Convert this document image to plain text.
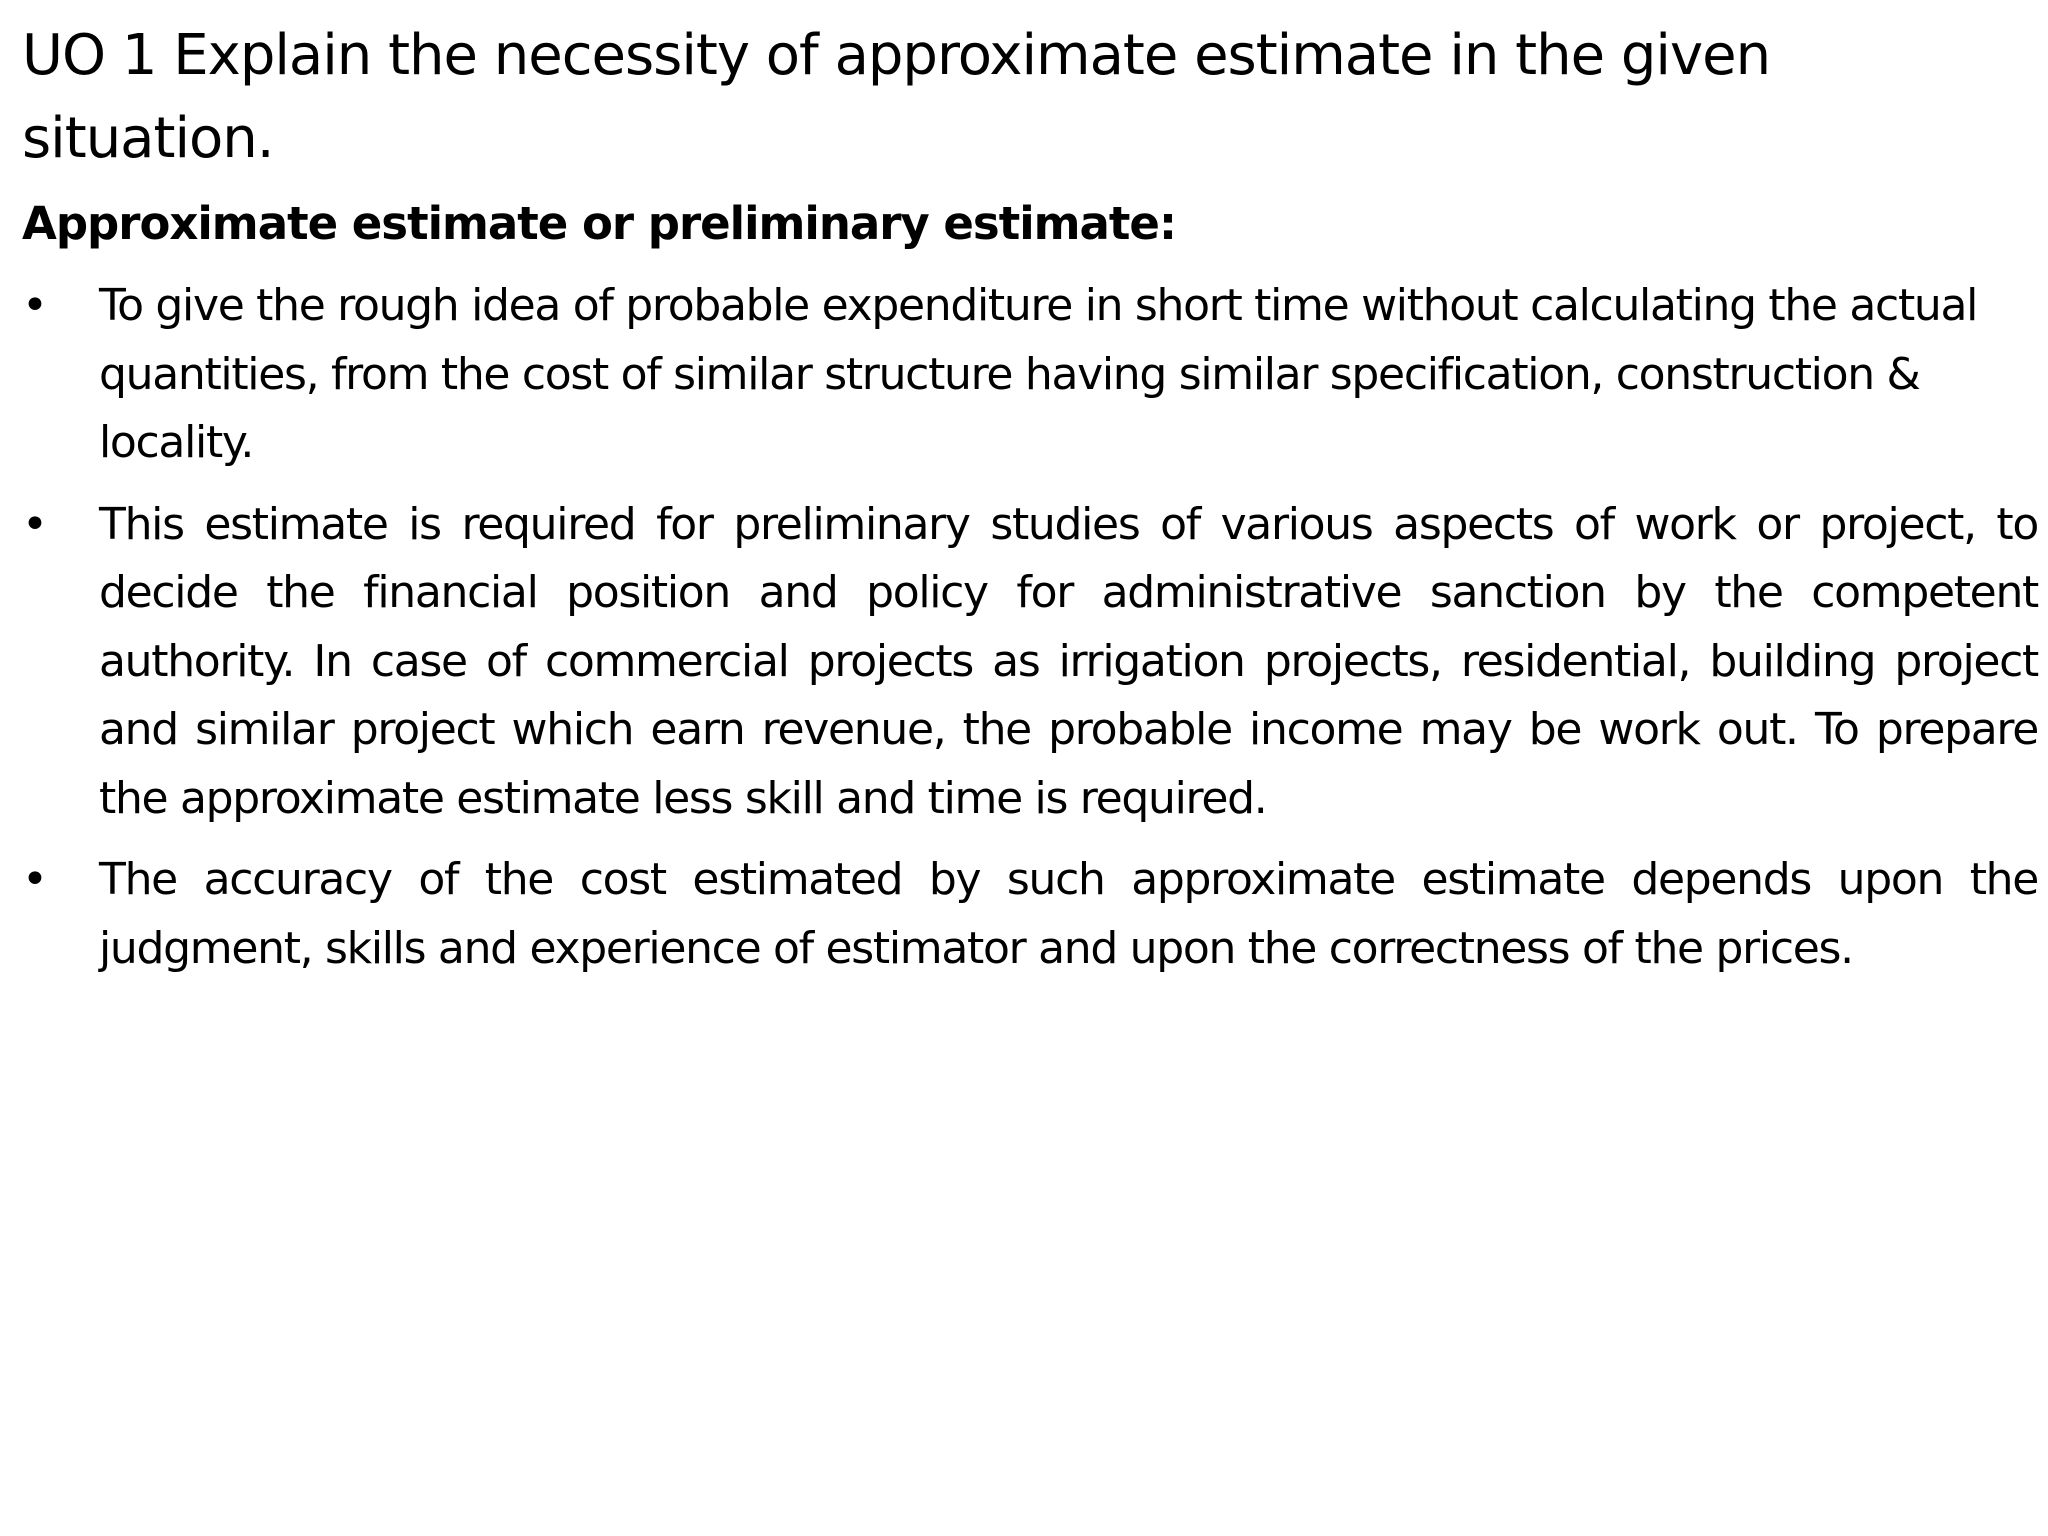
UO 1 Explain the necessity of approximate estimate in the given situation.
Approximate estimate or preliminary estimate:
• To give the rough idea of probable expenditure in short time without calculating the actual quantities, from the cost of similar structure having similar specification, construction & locality.
• This estimate is required for preliminary studies of various aspects of work or project, to decide the financial position and policy for administrative sanction by the competent authority. In case of commercial projects as irrigation projects, residential, building project and similar project which earn revenue, the probable income may be work out. To prepare the approximate estimate less skill and time is required.
• The accuracy of the cost estimated by such approximate estimate depends upon the judgment, skills and experience of estimator and upon the correctness of the prices.
